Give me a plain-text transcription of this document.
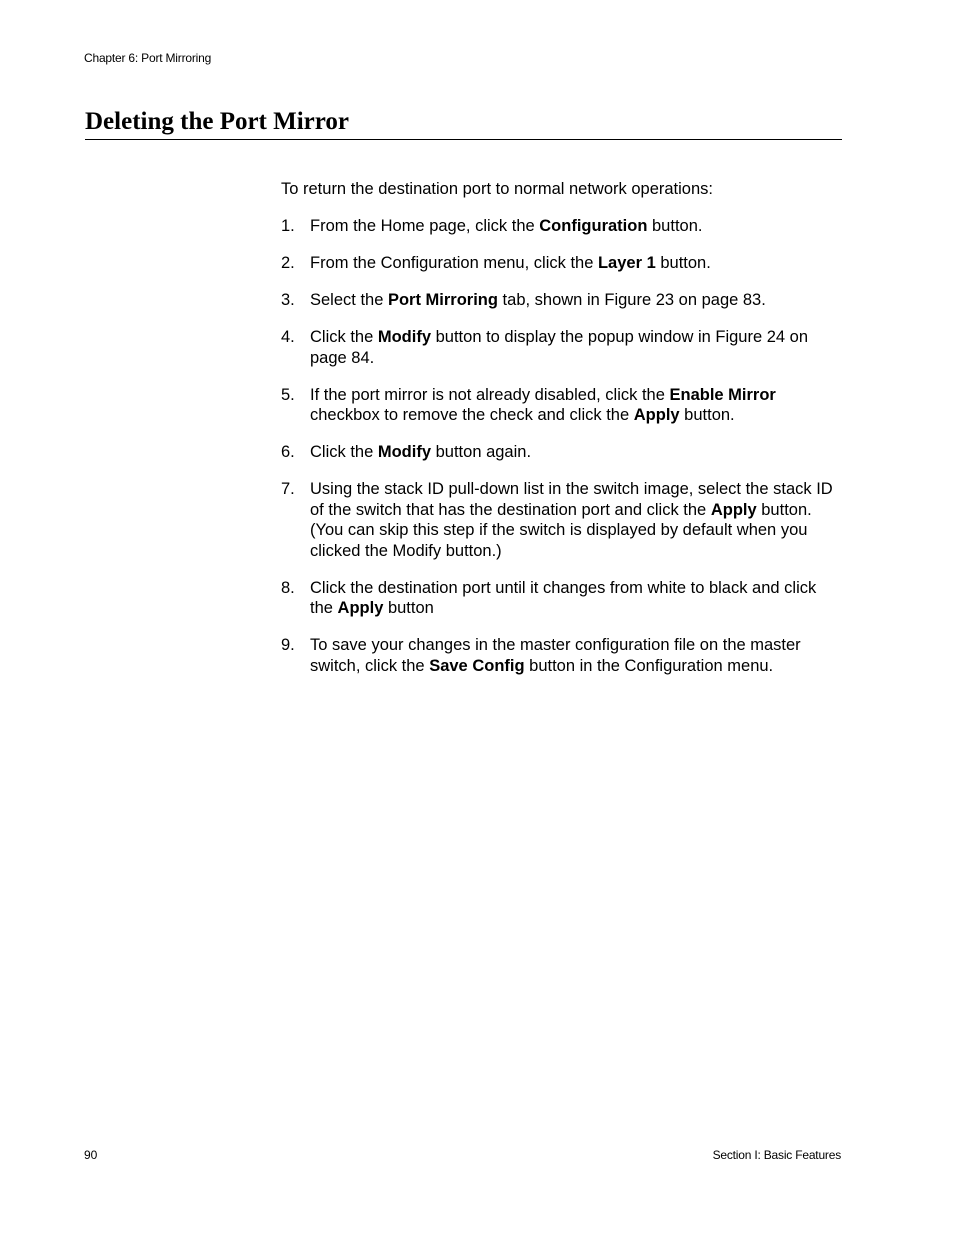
Chapter 6: Port Mirroring
Deleting the Port Mirror

To return the destination port to normal network operations:

1. From the Home page, click the Configuration button.
2. From the Configuration menu, click the Layer 1 button.
3. Select the Port Mirroring tab, shown in Figure 23 on page 83.
4. Click the Modify button to display the popup window in Figure 24 on page 84.
5. If the port mirror is not already disabled, click the Enable Mirror checkbox to remove the check and click the Apply button.
6. Click the Modify button again.
7. Using the stack ID pull-down list in the switch image, select the stack ID of the switch that has the destination port and click the Apply button. (You can skip this step if the switch is displayed by default when you clicked the Modify button.)
8. Click the destination port until it changes from white to black and click the Apply button
9. To save your changes in the master configuration file on the master switch, click the Save Config button in the Configuration menu.
90	Section I: Basic Features
